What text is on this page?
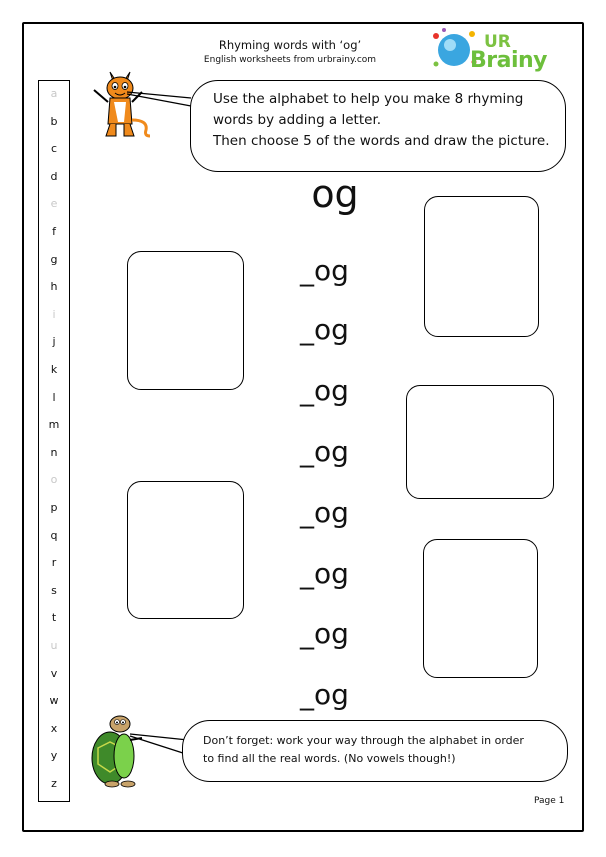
Rhyming words with ‘og’
English worksheets from urbrainy.com
UR
Brainy
a
b
c
d
e
f
g
h
i
j
k
l
m
n
o
p
q
r
s
t
u
v
w
x
y
z
Use the alphabet to help you make 8 rhyming
words by adding a letter.
Then choose 5 of the words and draw the picture.
og
_og
_og
_og
_og
_og
_og
_og
_og
Don’t forget: work your way through the alphabet in order
to find all the real words. (No vowels though!)
Page 1
